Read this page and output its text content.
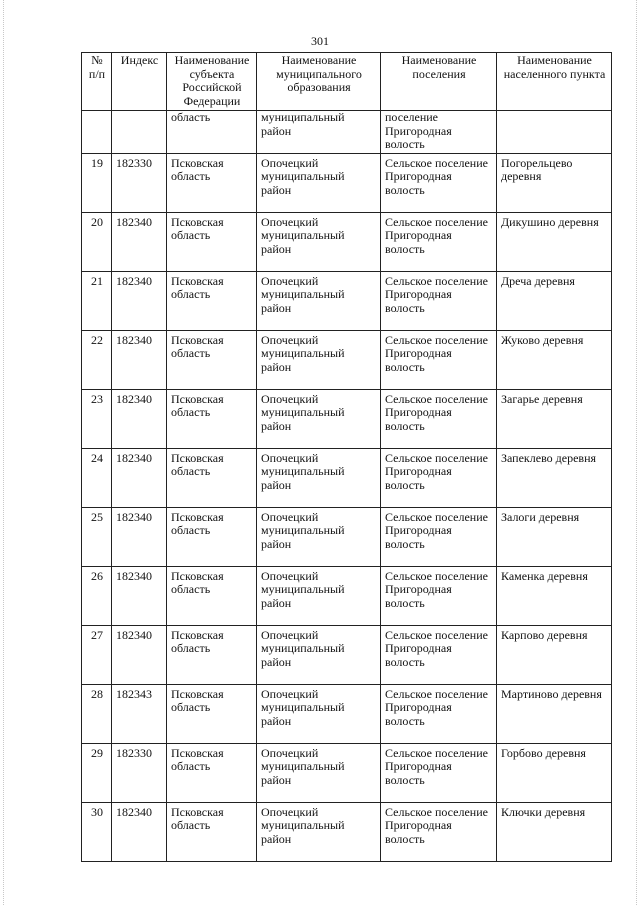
301
№ п/п	Индекс	Наименование субъекта Российской Федерации	Наименование муниципального образования	Наименование поселения	Наименование населенного пункта
		область	муниципальный район	поселение Пригородная волость	
19	182330	Псковская область	Опочецкий муниципальный район	Сельское поселение Пригородная волость	Погорельцево деревня
20	182340	Псковская область	Опочецкий муниципальный район	Сельское поселение Пригородная волость	Дикушино деревня
21	182340	Псковская область	Опочецкий муниципальный район	Сельское поселение Пригородная волость	Дреча деревня
22	182340	Псковская область	Опочецкий муниципальный район	Сельское поселение Пригородная волость	Жуково деревня
23	182340	Псковская область	Опочецкий муниципальный район	Сельское поселение Пригородная волость	Загарье деревня
24	182340	Псковская область	Опочецкий муниципальный район	Сельское поселение Пригородная волость	Запеклево деревня
25	182340	Псковская область	Опочецкий муниципальный район	Сельское поселение Пригородная волость	Залоги деревня
26	182340	Псковская область	Опочецкий муниципальный район	Сельское поселение Пригородная волость	Каменка деревня
27	182340	Псковская область	Опочецкий муниципальный район	Сельское поселение Пригородная волость	Карпово деревня
28	182343	Псковская область	Опочецкий муниципальный район	Сельское поселение Пригородная волость	Мартиново деревня
29	182330	Псковская область	Опочецкий муниципальный район	Сельское поселение Пригородная волость	Горбово деревня
30	182340	Псковская область	Опочецкий муниципальный район	Сельское поселение Пригородная волость	Ключки деревня
